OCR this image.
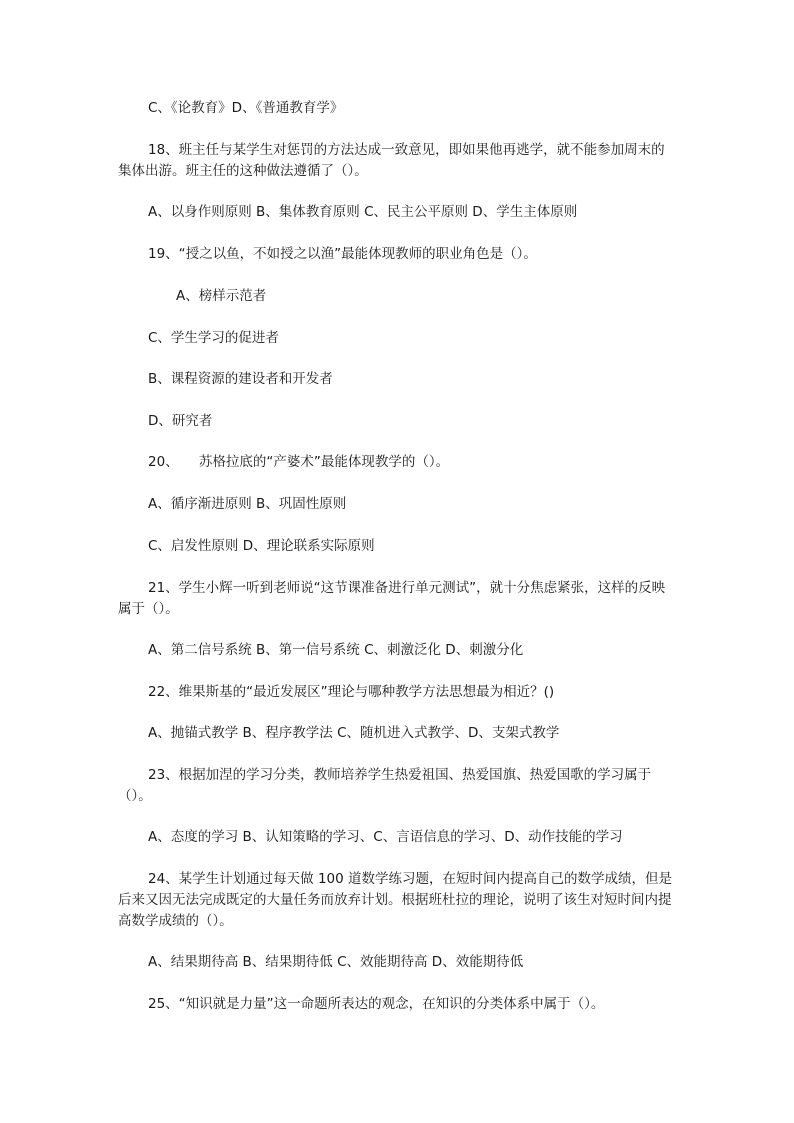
C、《论教育》D、《普通教育学》
18、班主任与某学生对惩罚的方法达成一致意见，即如果他再逃学，就不能参加周末的集体出游。班主任的这种做法遵循了（）。
A、以身作则原则 B、集体教育原则 C、民主公平原则 D、学生主体原则
19、“授之以鱼，不如授之以渔”最能体现教师的职业角色是（）。
A、榜样示范者
C、学生学习的促进者
B、课程资源的建设者和开发者
D、研究者
20、　　苏格拉底的“产婆术”最能体现教学的（）。
A、循序渐进原则 B、巩固性原则
C、启发性原则 D、理论联系实际原则
21、学生小辉一听到老师说“这节课准备进行单元测试”，就十分焦虑紧张，这样的反映属于（）。
A、第二信号系统 B、第一信号系统 C、刺激泛化 D、刺激分化
22、维果斯基的“最近发展区”理论与哪种教学方法思想最为相近？()
A、抛锚式教学 B、程序教学法 C、随机进入式教学、D、支架式教学
23、根据加涅的学习分类，教师培养学生热爱祖国、热爱国旗、热爱国歌的学习属于（）。
A、态度的学习 B、认知策略的学习、C、言语信息的学习、D、动作技能的学习
24、某学生计划通过每天做 100 道数学练习题，在短时间内提高自己的数学成绩，但是后来又因无法完成既定的大量任务而放弃计划。根据班杜拉的理论，说明了该生对短时间内提高数学成绩的（）。
A、结果期待高 B、结果期待低 C、效能期待高 D、效能期待低
25、“知识就是力量”这一命题所表达的观念，在知识的分类体系中属于（）。
